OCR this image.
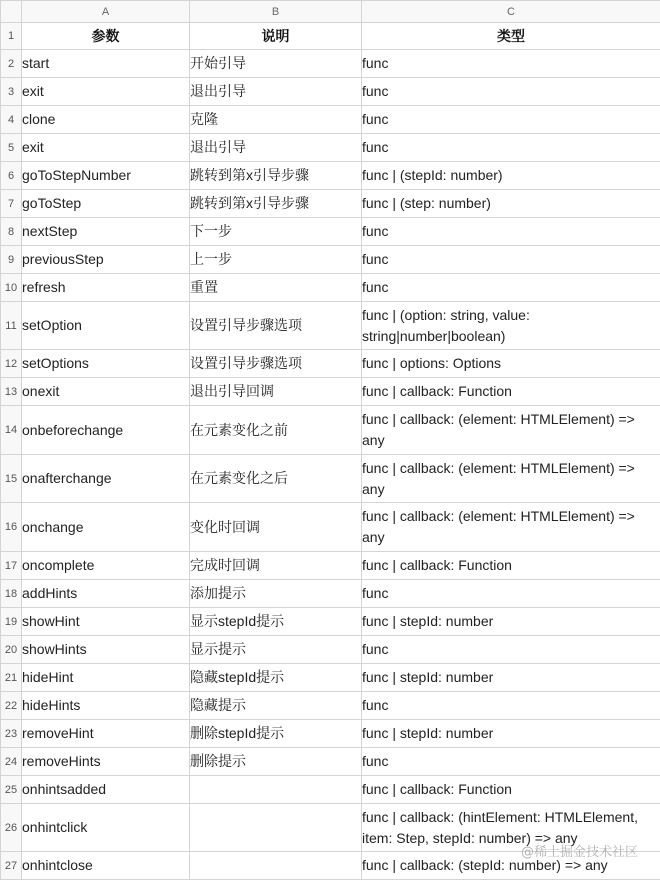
	A	B	C
1	参数	说明	类型
2	start	开始引导	func
3	exit	退出引导	func
4	clone	克隆	func
5	exit	退出引导	func
6	goToStepNumber	跳转到第x引导步骤	func | (stepId: number)
7	goToStep	跳转到第x引导步骤	func | (step: number)
8	nextStep	下一步	func
9	previousStep	上一步	func
10	refresh	重置	func
11	setOption	设置引导步骤选项	func | (option: string, value: string|number|boolean)
12	setOptions	设置引导步骤选项	func | options: Options
13	onexit	退出引导回调	func | callback: Function
14	onbeforechange	在元素变化之前	func | callback: (element: HTMLElement) => any
15	onafterchange	在元素变化之后	func | callback: (element: HTMLElement) => any
16	onchange	变化时回调	func | callback: (element: HTMLElement) => any
17	oncomplete	完成时回调	func | callback: Function
18	addHints	添加提示	func
19	showHint	显示stepId提示	func | stepId: number
20	showHints	显示提示	func
21	hideHint	隐藏stepId提示	func | stepId: number
22	hideHints	隐藏提示	func
23	removeHint	删除stepId提示	func | stepId: number
24	removeHints	删除提示	func
25	onhintsadded		func | callback: Function
26	onhintclick		func | callback: (hintElement: HTMLElement, item: Step, stepId: number) => any
27	onhintclose		func | callback: (stepId: number) => any
@稀土掘金技术社区
